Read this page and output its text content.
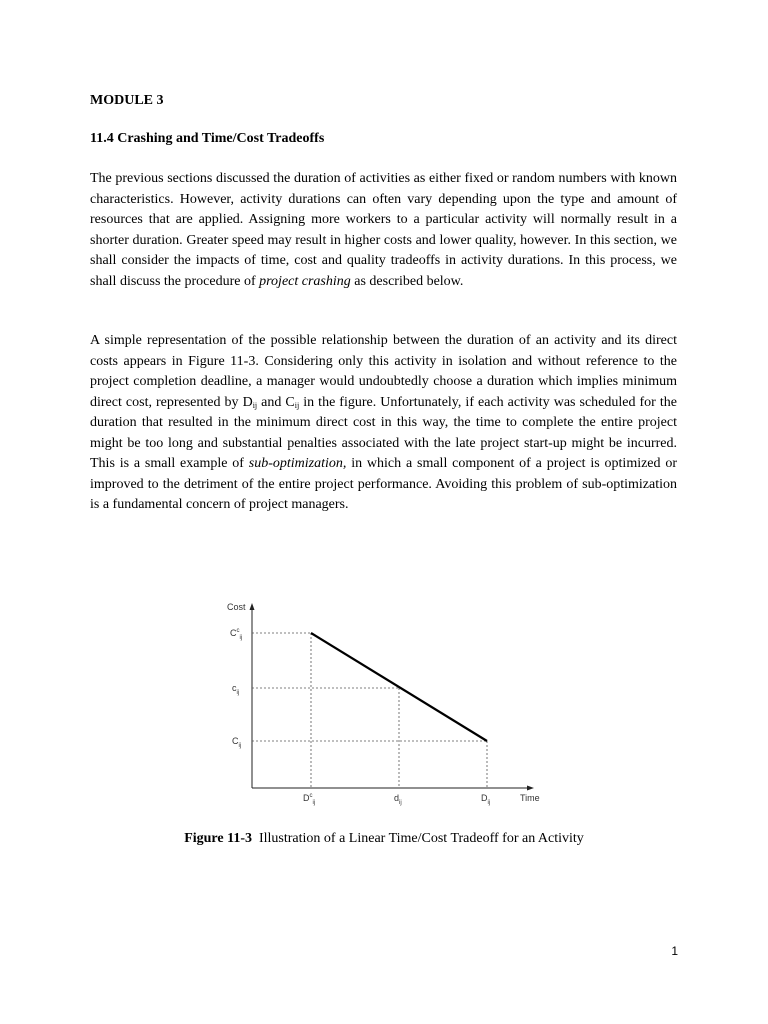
MODULE 3
11.4 Crashing and Time/Cost Tradeoffs

The previous sections discussed the duration of activities as either fixed or random numbers with known characteristics. However, activity durations can often vary depending upon the type and amount of resources that are applied. Assigning more workers to a particular activity will normally result in a shorter duration. Greater speed may result in higher costs and lower quality, however. In this section, we shall consider the impacts of time, cost and quality tradeoffs in activity durations. In this process, we shall discuss the procedure of project crashing as described below.

A simple representation of the possible relationship between the duration of an activity and its direct costs appears in Figure 11-3. Considering only this activity in isolation and without reference to the project completion deadline, a manager would undoubtedly choose a duration which implies minimum direct cost, represented by $D_{ij}$ and $C_{ij}$ in the figure. Unfortunately, if each activity was scheduled for the duration that resulted in the minimum direct cost in this way, the time to complete the entire project might be too long and substantial penalties associated with the late project start-up might be incurred. This is a small example of sub-optimization, in which a small component of a project is optimized or improved to the detriment of the entire project performance. Avoiding this problem of sub-optimization is a fundamental concern of project managers.

Cost
$C^c_{ij}$
$c_{ij}$
$C_{ij}$
$D^c_{ij}$	$d_{ij}$	$D_{ij}$	Time
Figure 11-3 Illustration of a Linear Time/Cost Tradeoff for an Activity
1
